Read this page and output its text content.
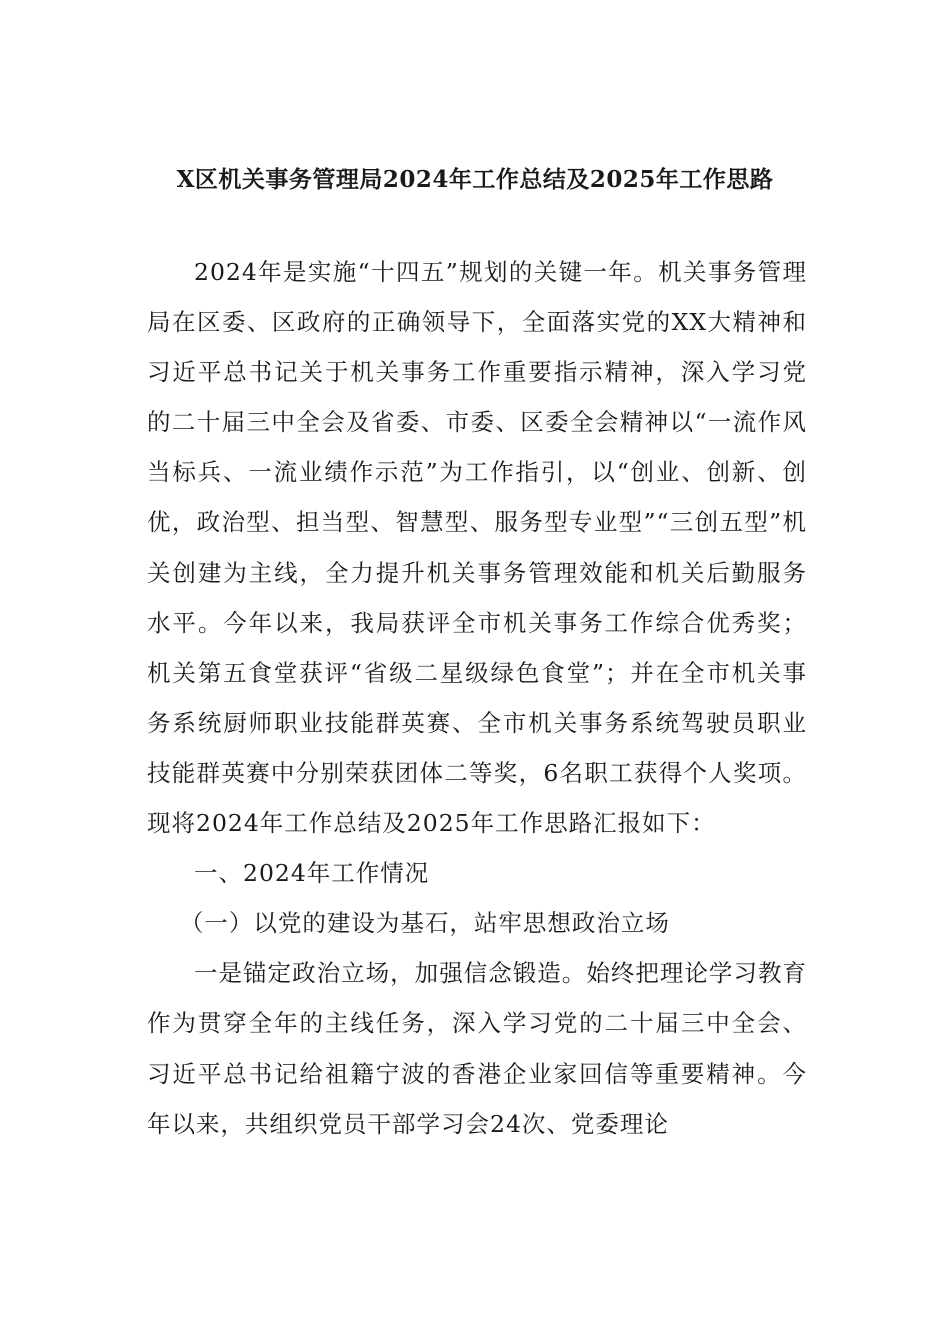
X区机关事务管理局2024年工作总结及2025年工作思路

2024年是实施“十四五”规划的关键一年。机关事务管理局在区委、区政府的正确领导下，全面落实党的XX大精神和习近平总书记关于机关事务工作重要指示精神，深入学习党的二十届三中全会及省委、市委、区委全会精神以“一流作风当标兵、一流业绩作示范”为工作指引，以“创业、创新、创优，政治型、担当型、智慧型、服务型专业型”“三创五型”机关创建为主线，全力提升机关事务管理效能和机关后勤服务水平。今年以来，我局获评全市机关事务工作综合优秀奖；机关第五食堂获评“省级二星级绿色食堂”；并在全市机关事务系统厨师职业技能群英赛、全市机关事务系统驾驶员职业技能群英赛中分别荣获团体二等奖，6名职工获得个人奖项。现将2024年工作总结及2025年工作思路汇报如下：

一、2024年工作情况

（一）以党的建设为基石，站牢思想政治立场

一是锚定政治立场，加强信念锻造。始终把理论学习教育作为贯穿全年的主线任务，深入学习党的二十届三中全会、习近平总书记给祖籍宁波的香港企业家回信等重要精神。今年以来，共组织党员干部学习会24次、党委理论
